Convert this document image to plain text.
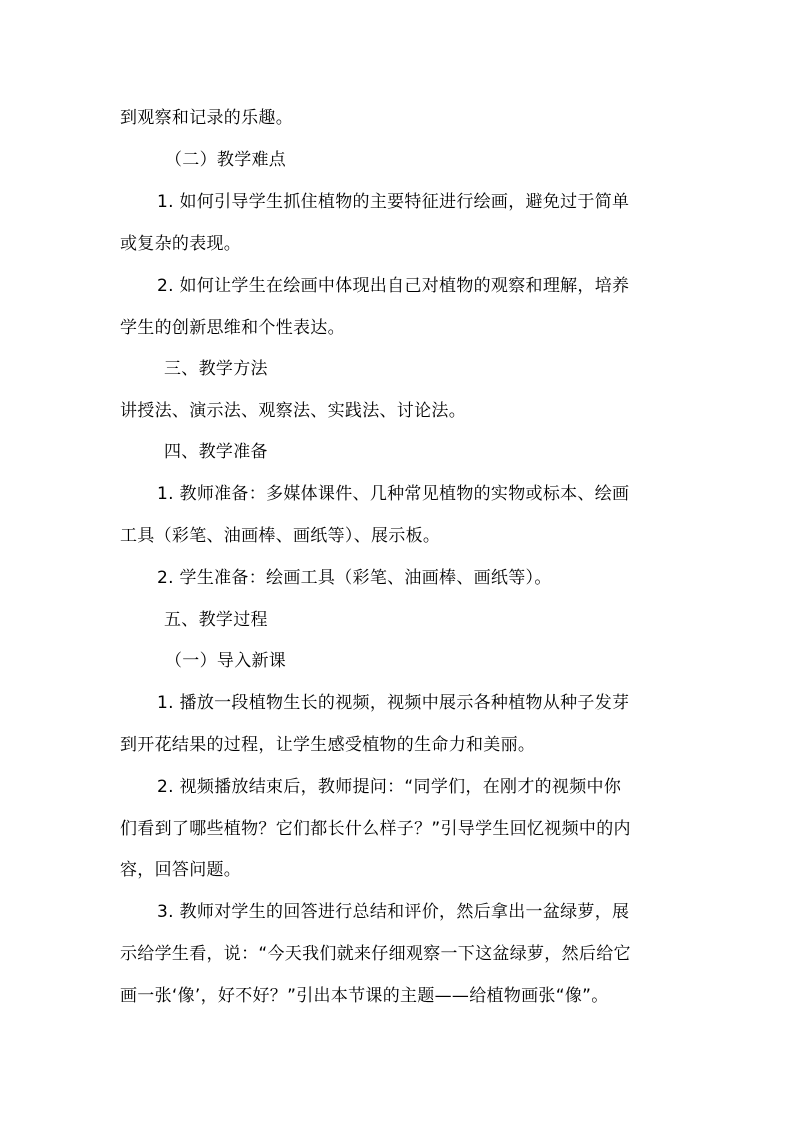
到观察和记录的乐趣。
（二）教学难点
1. 如何引导学生抓住植物的主要特征进行绘画，避免过于简单
或复杂的表现。
2. 如何让学生在绘画中体现出自己对植物的观察和理解，培养
学生的创新思维和个性表达。
三、教学方法
讲授法、演示法、观察法、实践法、讨论法。
四、教学准备
1. 教师准备：多媒体课件、几种常见植物的实物或标本、绘画
工具（彩笔、油画棒、画纸等）、展示板。
2. 学生准备：绘画工具（彩笔、油画棒、画纸等）。
五、教学过程
（一）导入新课
1. 播放一段植物生长的视频，视频中展示各种植物从种子发芽
到开花结果的过程，让学生感受植物的生命力和美丽。
2. 视频播放结束后，教师提问：“同学们，在刚才的视频中你
们看到了哪些植物？它们都长什么样子？”引导学生回忆视频中的内
容，回答问题。
3. 教师对学生的回答进行总结和评价，然后拿出一盆绿萝，展
示给学生看，说：“今天我们就来仔细观察一下这盆绿萝，然后给它
画一张‘像’，好不好？”引出本节课的主题——给植物画张“像”。
